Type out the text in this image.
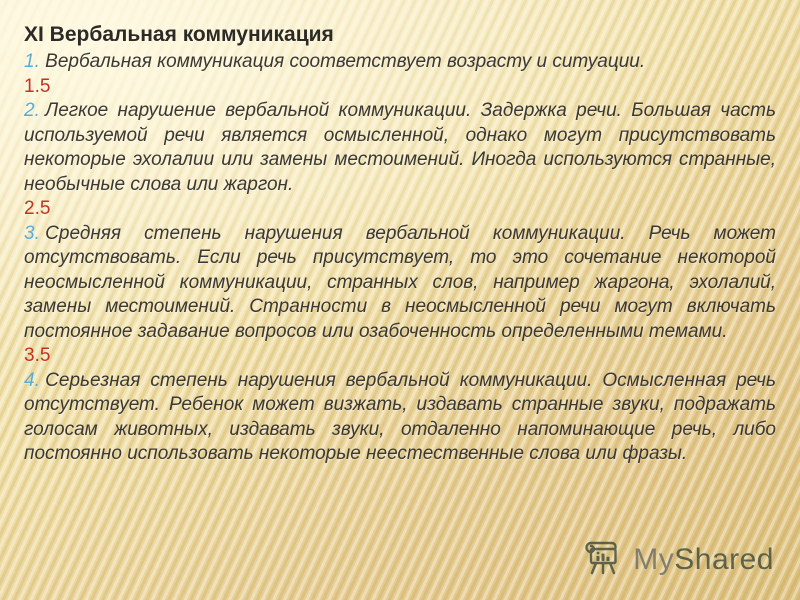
XI Вербальная коммуникация

1. Вербальная коммуникация соответствует возрасту и ситуации.

1.5

2. Легкое нарушение вербальной коммуникации. Задержка речи. Большая часть используемой речи является осмысленной, однако могут присутствовать некоторые эхолалии или замены местоимений. Иногда используются странные, необычные слова или жаргон.

2.5

3. Средняя степень нарушения вербальной коммуникации. Речь может отсутствовать. Если речь присутствует, то это сочетание некоторой неосмысленной коммуникации, странных слов, например жаргона, эхолалий, замены местоимений. Странности в неосмысленной речи могут включать постоянное задавание вопросов или озабоченность определенными темами.

3.5

4. Серьезная степень нарушения вербальной коммуникации. Осмысленная речь отсутствует. Ребенок может визжать, издавать странные звуки, подражать голосам животных, издавать звуки, отдаленно напоминающие речь, либо постоянно использовать некоторые неестественные слова или фразы.

MyShared
